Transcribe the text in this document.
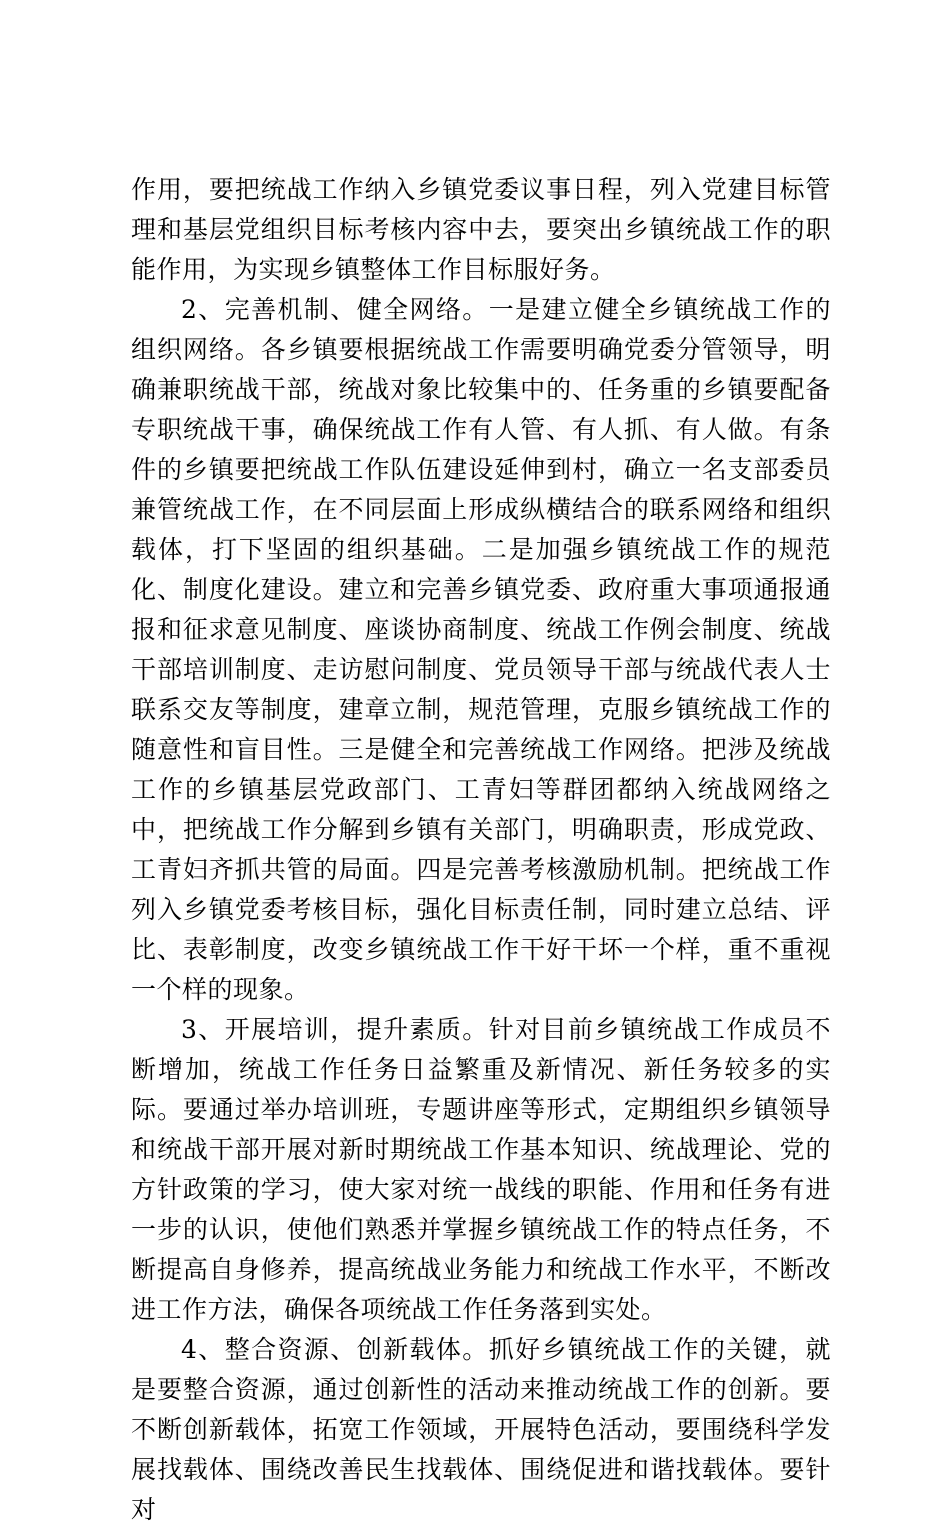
作用，要把统战工作纳入乡镇党委议事日程，列入党建目标管理和基层党组织目标考核内容中去，要突出乡镇统战工作的职能作用，为实现乡镇整体工作目标服好务。

2、完善机制、健全网络。一是建立健全乡镇统战工作的组织网络。各乡镇要根据统战工作需要明确党委分管领导，明确兼职统战干部，统战对象比较集中的、任务重的乡镇要配备专职统战干事，确保统战工作有人管、有人抓、有人做。有条件的乡镇要把统战工作队伍建设延伸到村，确立一名支部委员兼管统战工作，在不同层面上形成纵横结合的联系网络和组织载体，打下坚固的组织基础。二是加强乡镇统战工作的规范化、制度化建设。建立和完善乡镇党委、政府重大事项通报通报和征求意见制度、座谈协商制度、统战工作例会制度、统战干部培训制度、走访慰问制度、党员领导干部与统战代表人士联系交友等制度，建章立制，规范管理，克服乡镇统战工作的随意性和盲目性。三是健全和完善统战工作网络。把涉及统战工作的乡镇基层党政部门、工青妇等群团都纳入统战网络之中，把统战工作分解到乡镇有关部门，明确职责，形成党政、工青妇齐抓共管的局面。四是完善考核激励机制。把统战工作列入乡镇党委考核目标，强化目标责任制，同时建立总结、评比、表彰制度，改变乡镇统战工作干好干坏一个样，重不重视一个样的现象。

3、开展培训，提升素质。针对目前乡镇统战工作成员不断增加，统战工作任务日益繁重及新情况、新任务较多的实际。要通过举办培训班，专题讲座等形式，定期组织乡镇领导和统战干部开展对新时期统战工作基本知识、统战理论、党的方针政策的学习，使大家对统一战线的职能、作用和任务有进一步的认识，使他们熟悉并掌握乡镇统战工作的特点任务，不断提高自身修养，提高统战业务能力和统战工作水平，不断改进工作方法，确保各项统战工作任务落到实处。

4、整合资源、创新载体。抓好乡镇统战工作的关键，就是要整合资源，通过创新性的活动来推动统战工作的创新。要不断创新载体，拓宽工作领域，开展特色活动，要围绕科学发展找载体、围绕改善民生找载体、围绕促进和谐找载体。要针对
